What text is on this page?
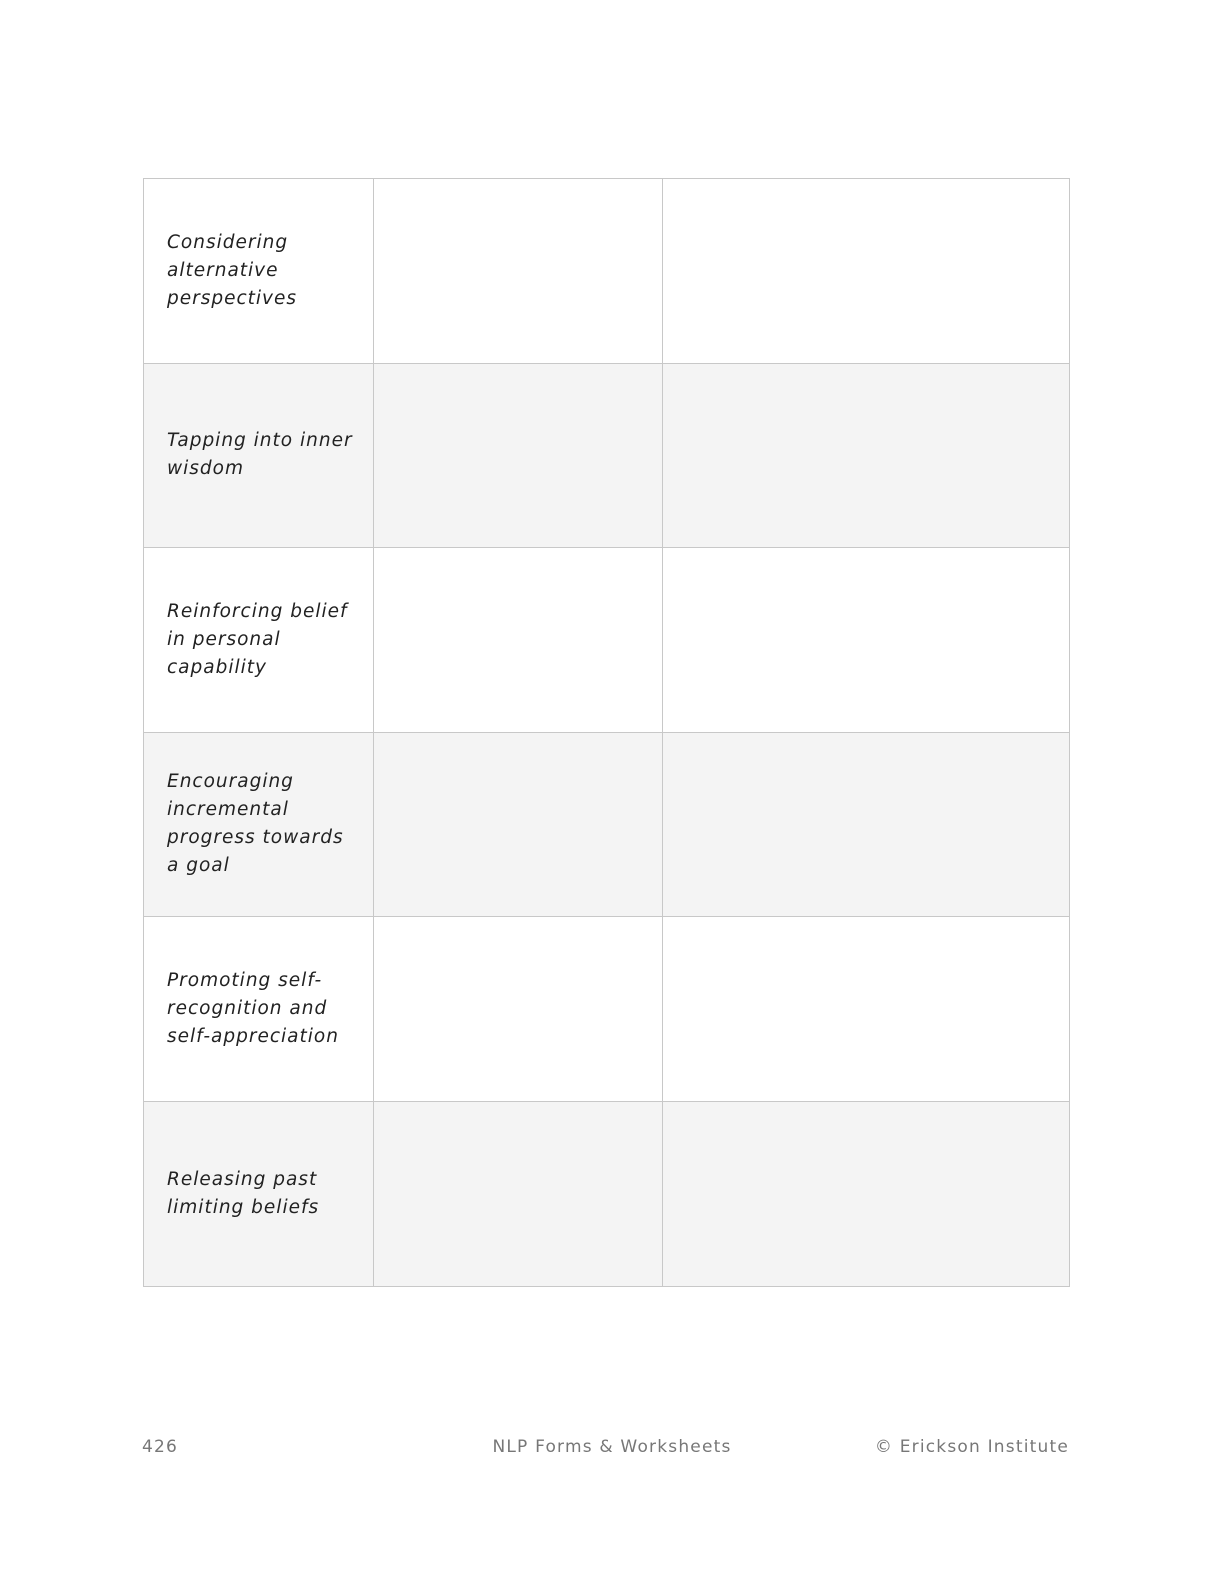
Considering alternative perspectives
Tapping into inner wisdom
Reinforcing belief in personal capability
Encouraging incremental progress towards a goal
Promoting self-recognition and self-appreciation
Releasing past limiting beliefs
426	NLP Forms & Worksheets	© Erickson Institute
